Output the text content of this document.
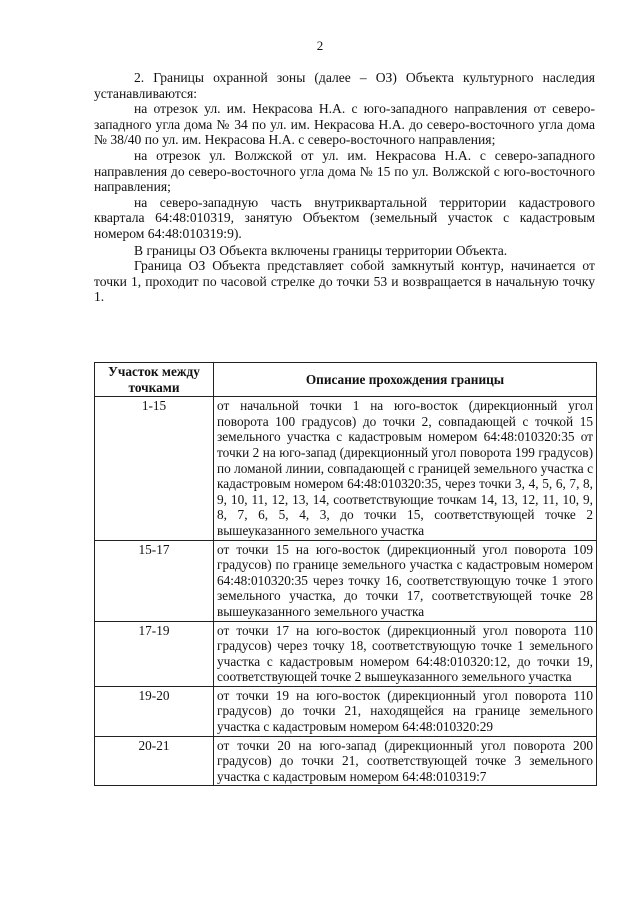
2

2. Границы охранной зоны (далее – ОЗ) Объекта культурного наследия устанавливаются:

на отрезок ул. им. Некрасова Н.А. с юго-западного направления от северо-западного угла дома № 34 по ул. им. Некрасова Н.А. до северо-восточного угла дома № 38/40 по ул. им. Некрасова Н.А. с северо-восточного направления;

на отрезок ул. Волжской от ул. им. Некрасова Н.А. с северо-западного направления до северо-восточного угла дома № 15 по ул. Волжской с юго-восточного направления;

на северо-западную часть внутриквартальной территории кадастрового квартала 64:48:010319, занятую Объектом (земельный участок с кадастровым номером 64:48:010319:9).

В границы ОЗ Объекта включены границы территории Объекта.

Граница ОЗ Объекта представляет собой замкнутый контур, начинается от точки 1, проходит по часовой стрелке до точки 53 и возвращается в начальную точку 1.

Участок между точками	Описание прохождения границы
1-15	от начальной точки 1 на юго-восток (дирекционный угол поворота 100 градусов) до точки 2, совпадающей с точкой 15 земельного участка с кадастровым номером 64:48:010320:35 от точки 2 на юго-запад (дирекционный угол поворота 199 градусов) по ломаной линии, совпадающей с границей земельного участка с кадастровым номером 64:48:010320:35, через точки 3, 4, 5, 6, 7, 8, 9, 10, 11, 12, 13, 14, соответствующие точкам 14, 13, 12, 11, 10, 9, 8, 7, 6, 5, 4, 3, до точки 15, соответствующей точке 2 вышеуказанного земельного участка
15-17	от точки 15 на юго-восток (дирекционный угол поворота 109 градусов) по границе земельного участка с кадастровым номером 64:48:010320:35 через точку 16, соответствующую точке 1 этого земельного участка, до точки 17, соответствующей точке 28 вышеуказанного земельного участка
17-19	от точки 17 на юго-восток (дирекционный угол поворота 110 градусов) через точку 18, соответствующую точке 1 земельного участка с кадастровым номером 64:48:010320:12, до точки 19, соответствующей точке 2 вышеуказанного земельного участка
19-20	от точки 19 на юго-восток (дирекционный угол поворота 110 градусов) до точки 21, находящейся на границе земельного участка с кадастровым номером 64:48:010320:29
20-21	от точки 20 на юго-запад (дирекционный угол поворота 200 градусов) до точки 21, соответствующей точке 3 земельного участка с кадастровым номером 64:48:010319:7
